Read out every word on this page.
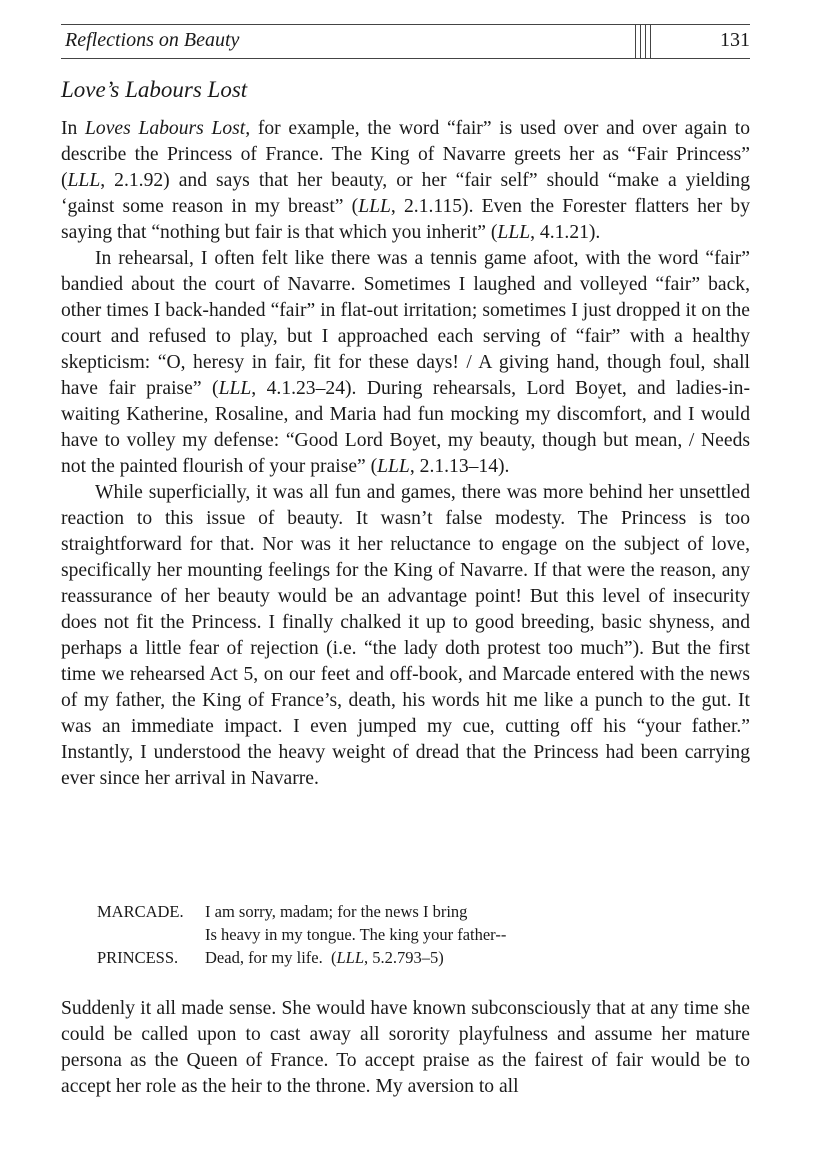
Reflections on Beauty	131
Love’s Labours Lost

In Loves Labours Lost, for example, the word “fair” is used over and over again to describe the Princess of France. The King of Navarre greets her as “Fair Princess” (LLL, 2.1.92) and says that her beauty, or her “fair self” should “make a yielding ‘gainst some reason in my breast” (LLL, 2.1.115). Even the Forester flatters her by saying that “nothing but fair is that which you inherit” (LLL, 4.1.21).

In rehearsal, I often felt like there was a tennis game afoot, with the word “fair” bandied about the court of Navarre. Sometimes I laughed and volleyed “fair” back, other times I back-handed “fair” in flat-out irritation; sometimes I just dropped it on the court and refused to play, but I approached each serving of “fair” with a healthy skepticism: “O, heresy in fair, fit for these days! / A giving hand, though foul, shall have fair praise” (LLL, 4.1.23–24). During rehearsals, Lord Boyet, and ladies-in-waiting Katherine, Rosaline, and Maria had fun mocking my discomfort, and I would have to volley my defense: “Good Lord Boyet, my beauty, though but mean, / Needs not the painted flourish of your praise” (LLL, 2.1.13–14).

While superficially, it was all fun and games, there was more behind her unsettled reaction to this issue of beauty. It wasn’t false modesty. The Princess is too straightforward for that. Nor was it her reluctance to engage on the subject of love, specifically her mounting feelings for the King of Navarre. If that were the reason, any reassurance of her beauty would be an advantage point! But this level of insecurity does not fit the Princess. I finally chalked it up to good breeding, basic shyness, and perhaps a little fear of rejection (i.e. “the lady doth protest too much”). But the first time we rehearsed Act 5, on our feet and off-book, and Marcade entered with the news of my father, the King of France’s, death, his words hit me like a punch to the gut. It was an immediate impact. I even jumped my cue, cutting off his “your father.” Instantly, I understood the heavy weight of dread that the Princess had been carrying ever since her arrival in Navarre.

MARCADE. I am sorry, madam; for the news I bring
Is heavy in my tongue. The king your father--
PRINCESS. Dead, for my life. (LLL, 5.2.793–5)

Suddenly it all made sense. She would have known subconsciously that at any time she could be called upon to cast away all sorority playfulness and assume her mature persona as the Queen of France. To accept praise as the fairest of fair would be to accept her role as the heir to the throne. My aversion to all
